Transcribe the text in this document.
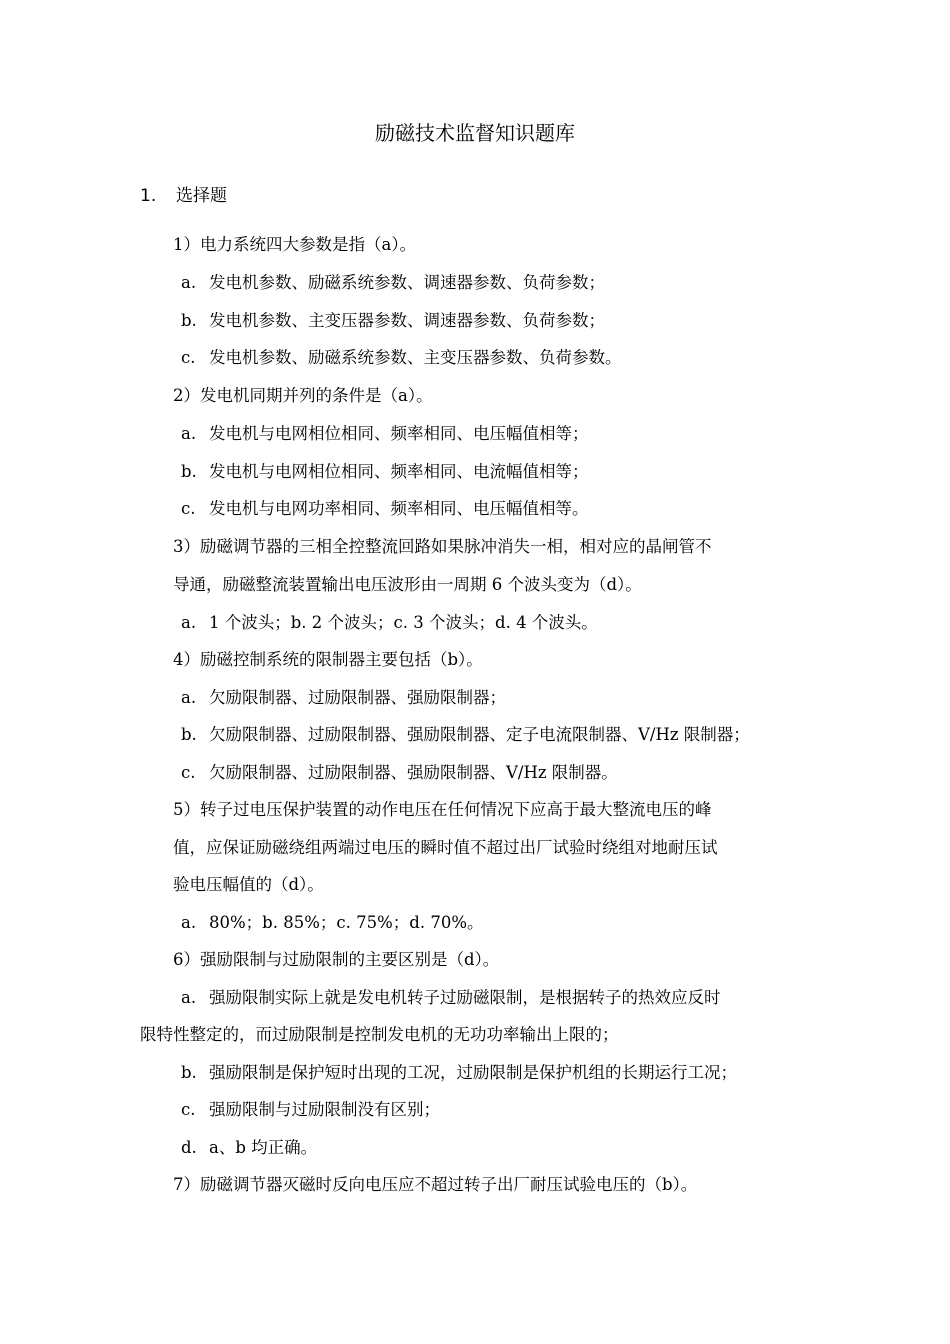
励磁技术监督知识题库
1. 选择题
1）电力系统四大参数是指（a）。
a. 发电机参数、励磁系统参数、调速器参数、负荷参数；
b. 发电机参数、主变压器参数、调速器参数、负荷参数；
c. 发电机参数、励磁系统参数、主变压器参数、负荷参数。
2）发电机同期并列的条件是（a）。
a. 发电机与电网相位相同、频率相同、电压幅值相等；
b. 发电机与电网相位相同、频率相同、电流幅值相等；
c. 发电机与电网功率相同、频率相同、电压幅值相等。
3）励磁调节器的三相全控整流回路如果脉冲消失一相，相对应的晶闸管不
导通，励磁整流装置输出电压波形由一周期 6 个波头变为（d）。
a. 1 个波头；b. 2 个波头；c. 3 个波头；d. 4 个波头。
4）励磁控制系统的限制器主要包括（b）。
a. 欠励限制器、过励限制器、强励限制器；
b. 欠励限制器、过励限制器、强励限制器、定子电流限制器、V/Hz 限制器；
c. 欠励限制器、过励限制器、强励限制器、V/Hz 限制器。
5）转子过电压保护装置的动作电压在任何情况下应高于最大整流电压的峰
值，应保证励磁绕组两端过电压的瞬时值不超过出厂试验时绕组对地耐压试
验电压幅值的（d）。
a. 80%；b. 85%；c. 75%；d. 70%。
6）强励限制与过励限制的主要区别是（d）。
a. 强励限制实际上就是发电机转子过励磁限制，是根据转子的热效应反时
限特性整定的，而过励限制是控制发电机的无功功率输出上限的；
b. 强励限制是保护短时出现的工况，过励限制是保护机组的长期运行工况；
c. 强励限制与过励限制没有区别；
d. a、b 均正确。
7）励磁调节器灭磁时反向电压应不超过转子出厂耐压试验电压的（b）。
